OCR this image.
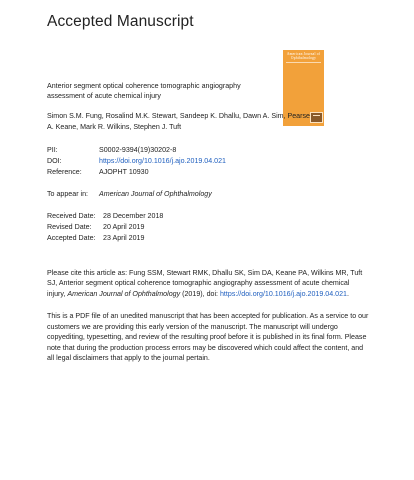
Accepted Manuscript
American Journal of
Ophthalmology
Anterior segment optical coherence tomographic angiography assessment of acute chemical injury
Simon S.M. Fung, Rosalind M.K. Stewart, Sandeep K. Dhallu, Dawn A. Sim, Pearse A. Keane, Mark R. Wilkins, Stephen J. Tuft
PII:	S0002-9394(19)30202-8
DOI:	https://doi.org/10.1016/j.ajo.2019.04.021
Reference: AJOPHT 10930
To appear in: American Journal of Ophthalmology
Received Date: 28 December 2018
Revised Date: 20 April 2019
Accepted Date: 23 April 2019
Please cite this article as: Fung SSM, Stewart RMK, Dhallu SK, Sim DA, Keane PA, Wilkins MR, Tuft SJ, Anterior segment optical coherence tomographic angiography assessment of acute chemical injury, American Journal of Ophthalmology (2019), doi: https://doi.org/10.1016/j.ajo.2019.04.021.
This is a PDF file of an unedited manuscript that has been accepted for publication. As a service to our customers we are providing this early version of the manuscript. The manuscript will undergo copyediting, typesetting, and review of the resulting proof before it is published in its final form. Please note that during the production process errors may be discovered which could affect the content, and all legal disclaimers that apply to the journal pertain.
